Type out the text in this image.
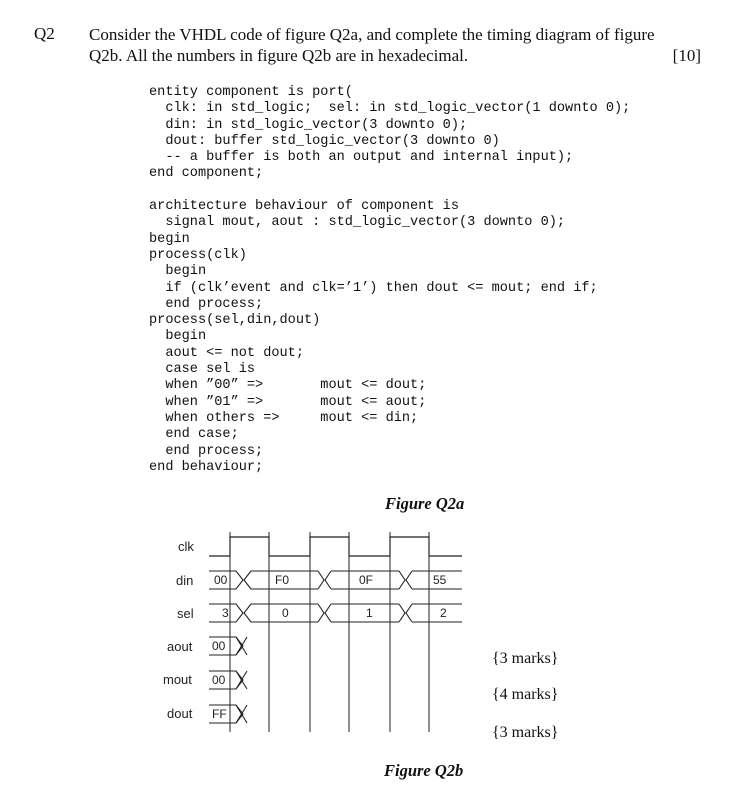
Q2 Consider the VHDL code of figure Q2a, and complete the timing diagram of figure
Q2b. All the numbers in figure Q2b are in hexadecimal.	[10]
entity component is port(
clk: in std_logic;  sel: in std_logic_vector(1 downto 0);
din: in std_logic_vector(3 downto 0);
dout: buffer std_logic_vector(3 downto 0)
-- a buffer is both an output and internal input);
end component;
architecture behaviour of component is
signal mout, aout : std_logic_vector(3 downto 0);
begin
process(clk)
begin
if (clk’event and clk=’1’) then dout <= mout; end if;
end process;
process(sel,din,dout)
begin
aout <= not dout;
case sel is
when ”00” =>       mout <= dout;
when ”01” =>       mout <= aout;
when others =>     mout <= din;
end case;
end process;
end behaviour;
Figure Q2a
clk
din
sel
aout
mout
dout
00	F0	0F	55
3	0	1	2
00
00
FF
{3 marks}
{4 marks}
{3 marks}
Figure Q2b
